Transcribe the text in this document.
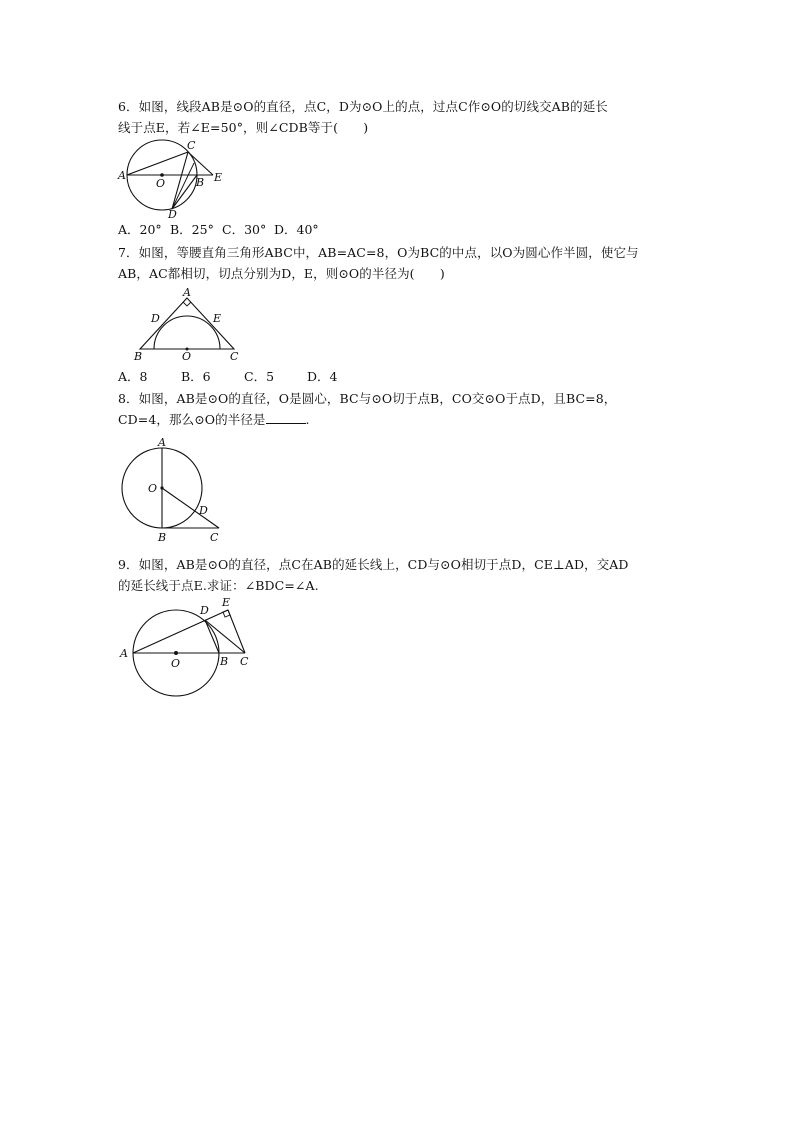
6．如图，线段AB是⊙O的直径，点C，D为⊙O上的点，过点C作⊙O的切线交AB的延长
线于点E，若∠E=50°，则∠CDB等于(　　)
A
O	B
C
D
E
A．20° B．25° C．30° D．40°
7．如图，等腰直角三角形ABC中，AB=AC=8，O为BC的中点，以O为圆心作半圆，使它与
AB，AC都相切，切点分别为D，E，则⊙O的半径为(　　)
A
B	C
D	E
O
A．8	B．6	C．5	D．4
8．如图，AB是⊙O的直径，O是圆心，BC与⊙O切于点B，CO交⊙O于点D，且BC=8，
CD=4，那么⊙O的半径是	.
A
O
B	C
D
9．如图，AB是⊙O的直径，点C在AB的延长线上，CD与⊙O相切于点D，CE⊥AD，交AD
的延长线于点E.求证：∠BDC=∠A.
A
O	B C
D
E
